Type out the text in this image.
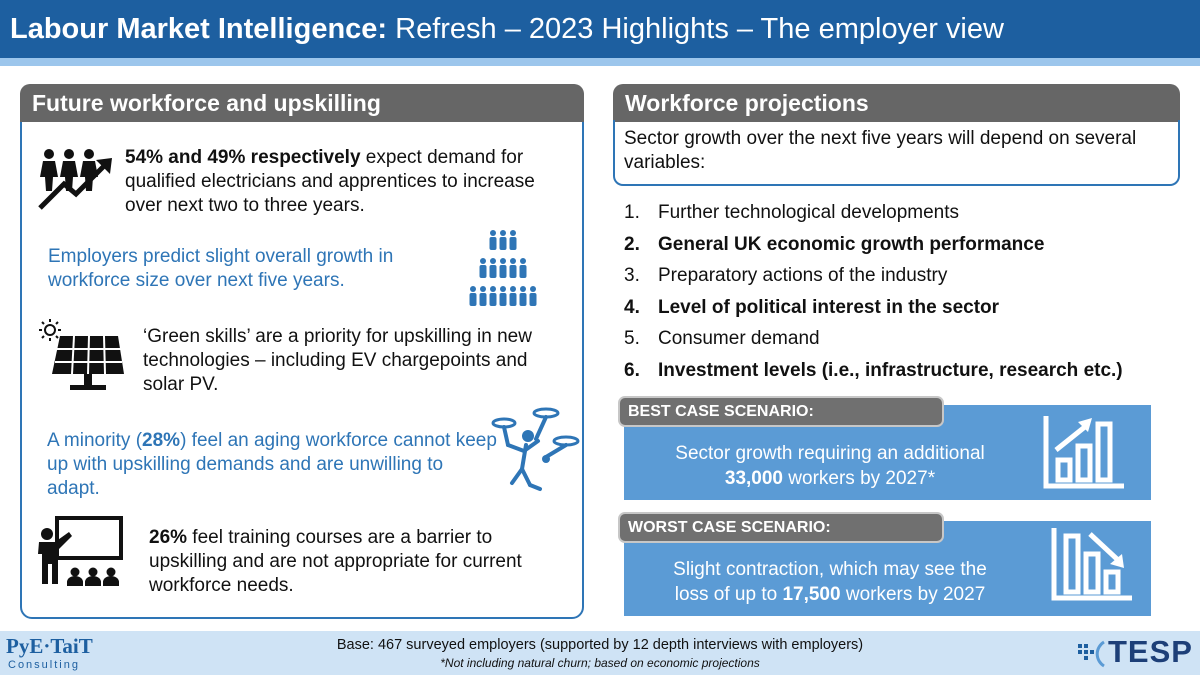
Labour Market Intelligence: Refresh – 2023 Highlights – The employer view
Future workforce and upskilling
54% and 49% respectively expect demand for qualified electricians and apprentices to increase over next two to three years.
Employers predict slight overall growth in workforce size over next five years.
‘Green skills’ are a priority for upskilling in new technologies – including EV chargepoints and solar PV.
A minority (28%) feel an aging workforce cannot keep up with upskilling demands and are unwilling to adapt.
26% feel training courses are a barrier to upskilling and are not appropriate for current workforce needs.
Workforce projections
Sector growth over the next five years will depend on several variables:
1. Further technological developments
2. General UK economic growth performance
3. Preparatory actions of the industry
4. Level of political interest in the sector
5. Consumer demand
6. Investment levels (i.e., infrastructure, research etc.)
BEST CASE SCENARIO:
Sector growth requiring an additional
33,000 workers by 2027*
WORST CASE SCENARIO:
Slight contraction, which may see the
loss of up to 17,500 workers by 2027
Base: 467 surveyed employers (supported by 12 depth interviews with employers)
*Not including natural churn; based on economic projections
PyE·TaiT
Consulting	TESP
